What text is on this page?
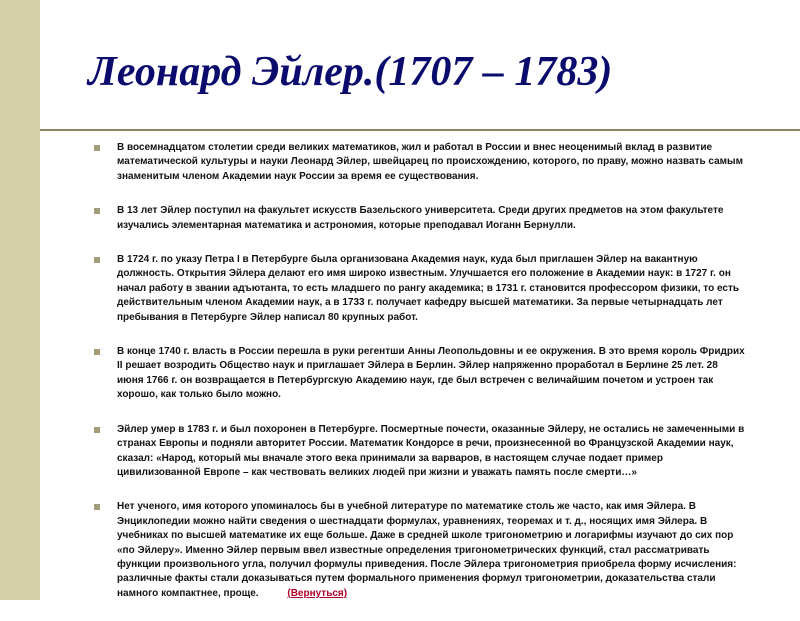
Леонард Эйлер.(1707 – 1783)

В восемнадцатом столетии среди великих математиков, жил и работал в России и внес неоценимый вклад в развитие математической культуры и науки Леонард Эйлер, швейцарец по происхождению, которого, по праву, можно назвать самым знаменитым членом Академии наук России за время ее существования.

В 13 лет Эйлер поступил на факультет искусств Базельского университета. Среди других предметов на этом факультете изучались элементарная математика и астрономия, которые преподавал Иоганн Бернулли.

В 1724 г. по указу Петра I в Петербурге была организована Академия наук, куда был приглашен Эйлер на вакантную должность. Открытия Эйлера делают его имя широко известным. Улучшается его положение в Академии наук: в 1727 г. он начал работу в звании адъютанта, то есть младшего по рангу академика; в 1731 г. становится профессором физики, то есть действительным членом Академии наук, а в 1733 г. получает кафедру высшей математики. За первые четырнадцать лет пребывания в Петербурге Эйлер написал 80 крупных работ.

В конце 1740 г. власть в России перешла в руки регентши Анны Леопольдовны и ее окружения. В это время король Фридрих II решает возродить Общество наук и приглашает Эйлера в Берлин. Эйлер напряженно проработал в Берлине 25 лет. 28 июня 1766 г. он возвращается в Петербургскую Академию наук, где был встречен с величайшим почетом и устроен так хорошо, как только было можно.

Эйлер умер в 1783 г. и был похоронен в Петербурге. Посмертные почести, оказанные Эйлеру, не остались не замеченными в странах Европы и подняли авторитет России. Математик Кондорсе в речи, произнесенной во Французской Академии наук, сказал: «Народ, который мы вначале этого века принимали за варваров, в настоящем случае подает пример цивилизованной Европе – как чествовать великих людей при жизни и уважать память после смерти…»

Нет ученого, имя которого упоминалось бы в учебной литературе по математике столь же часто, как имя Эйлера. В Энциклопедии можно найти сведения о шестнадцати формулах, уравнениях, теоремах и т. д., носящих имя Эйлера. В учебниках по высшей математике их еще больше. Даже в средней школе тригонометрию и логарифмы изучают до сих пор «по Эйлеру». Именно Эйлер первым ввел известные определения тригонометрических функций, стал рассматривать функции произвольного угла, получил формулы приведения. После Эйлера тригонометрия приобрела форму исчисления: различные факты стали доказываться путем формального применения формул тригонометрии, доказательства стали намного компактнее, проще.	(Вернуться)
